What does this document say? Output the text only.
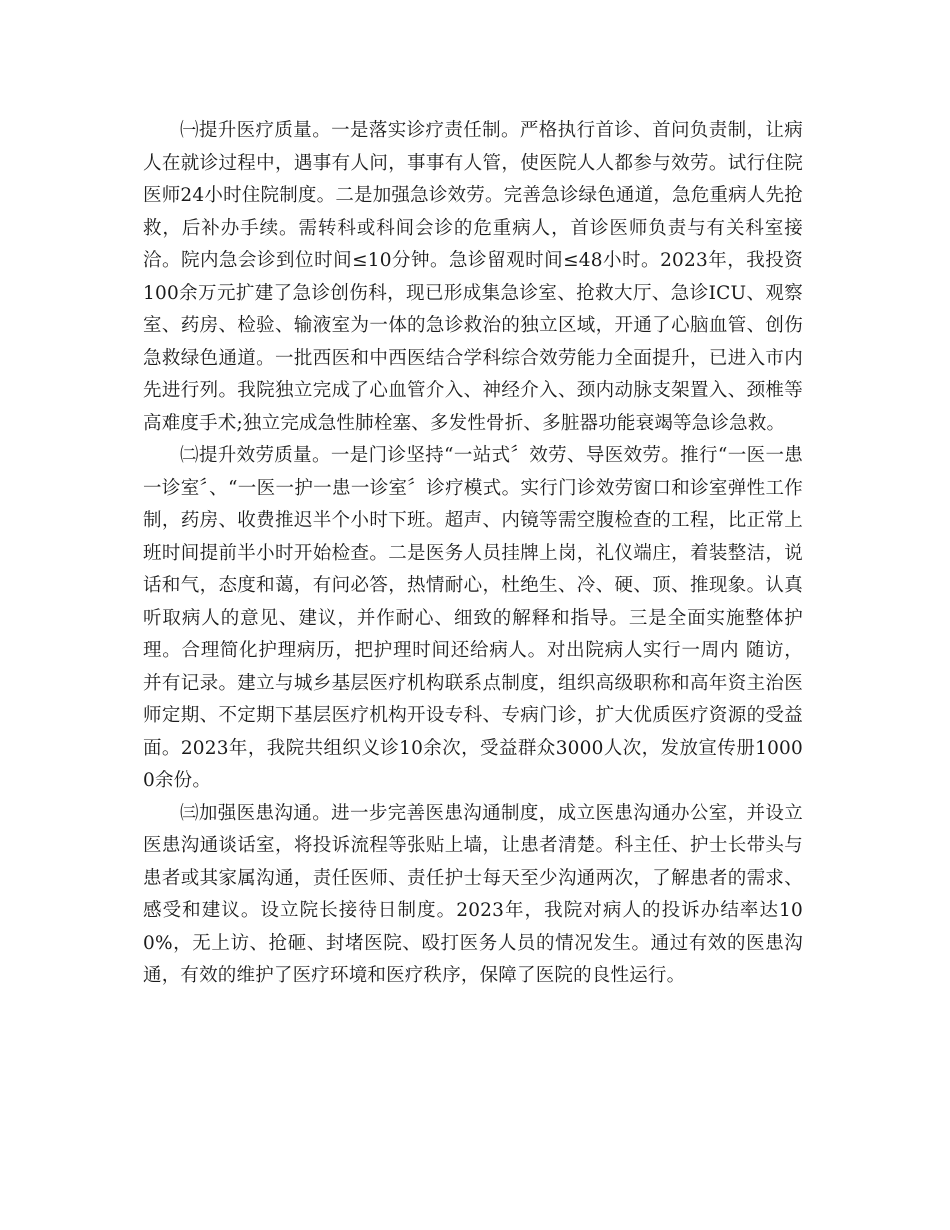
㈠提升医疗质量。一是落实诊疗责任制。严格执行首诊、首问负责制，让病人在就诊过程中，遇事有人问，事事有人管，使医院人人都参与效劳。试行住院医师24小时住院制度。二是加强急诊效劳。完善急诊绿色通道，急危重病人先抢救，后补办手续。需转科或科间会诊的危重病人，首诊医师负责与有关科室接洽。院内急会诊到位时间≤10分钟。急诊留观时间≤48小时。2023年，我投资100余万元扩建了急诊创伤科，现已形成集急诊室、抢救大厅、急诊ICU、观察室、药房、检验、输液室为一体的急诊救治的独立区域，开通了心脑血管、创伤急救绿色通道。一批西医和中西医结合学科综合效劳能力全面提升，已进入市内先进行列。我院独立完成了心血管介入、神经介入、颈内动脉支架置入、颈椎等高难度手术;独立完成急性肺栓塞、多发性骨折、多脏器功能衰竭等急诊急救。

㈡提升效劳质量。一是门诊坚持“一站式〞效劳、导医效劳。推行“一医一患一诊室〞、“一医一护一患一诊室〞诊疗模式。实行门诊效劳窗口和诊室弹性工作制，药房、收费推迟半个小时下班。超声、内镜等需空腹检查的工程，比正常上班时间提前半小时开始检查。二是医务人员挂牌上岗，礼仪端庄，着装整洁，说话和气，态度和蔼，有问必答，热情耐心，杜绝生、冷、硬、顶、推现象。认真听取病人的意见、建议，并作耐心、细致的解释和指导。三是全面实施整体护理。合理简化护理病历，把护理时间还给病人。对出院病人实行一周内 随访，并有记录。建立与城乡基层医疗机构联系点制度，组织高级职称和高年资主治医师定期、不定期下基层医疗机构开设专科、专病门诊，扩大优质医疗资源的受益面。2023年，我院共组织义诊10余次，受益群众3000人次，发放宣传册10000余份。

㈢加强医患沟通。进一步完善医患沟通制度，成立医患沟通办公室，并设立医患沟通谈话室，将投诉流程等张贴上墙，让患者清楚。科主任、护士长带头与患者或其家属沟通，责任医师、责任护士每天至少沟通两次，了解患者的需求、感受和建议。设立院长接待日制度。2023年，我院对病人的投诉办结率达100%，无上访、抢砸、封堵医院、殴打医务人员的情况发生。通过有效的医患沟通，有效的维护了医疗环境和医疗秩序，保障了医院的良性运行。
